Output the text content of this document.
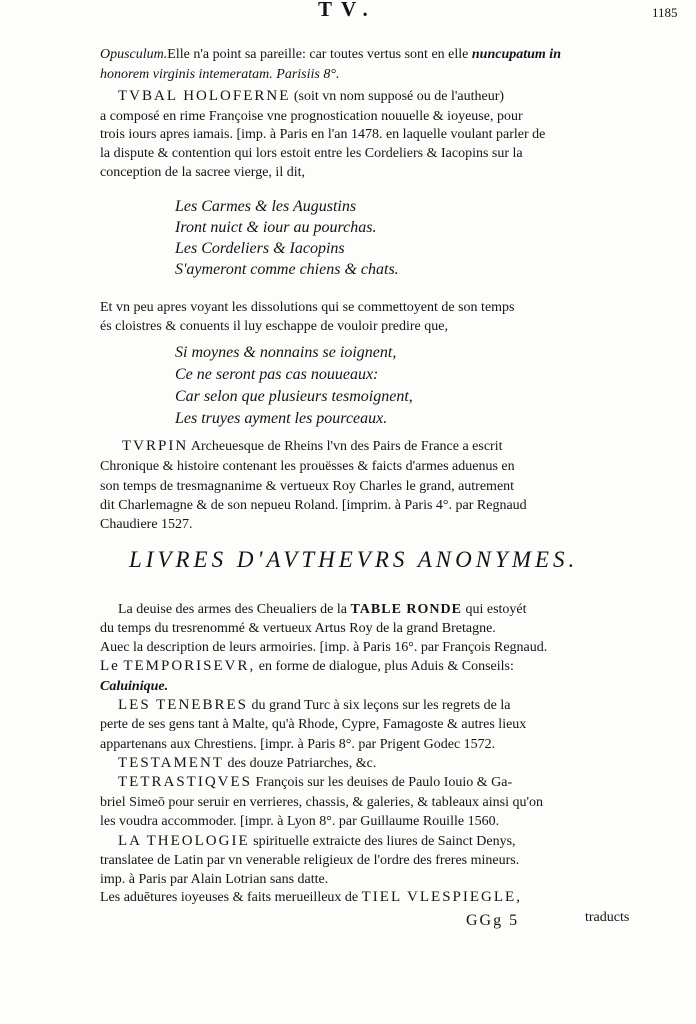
TV.	1185
Opusculum.Elle n'a point sa pareille: car toutes vertus sont en elle nuncupatum in
honorem virginis intemeratam. Parisiis 8°.
TVBAL HOLOFERNE (soit vn nom supposé ou de l'autheur)
a composé en rime Françoise vne prognostication nouuelle & ioyeuse, pour
trois iours apres iamais. [imp. à Paris en l'an 1478. en laquelle voulant parler de
la dispute & contention qui lors estoit entre les Cordeliers & Iacopins sur la
conception de la sacree vierge, il dit,
Les Carmes & les Augustins
Iront nuict & iour au pourchas.
Les Cordeliers & Iacopins
S'aymeront comme chiens & chats.
Et vn peu apres voyant les dissolutions qui se commettoyent de son temps
és cloistres & conuents il luy eschappe de vouloir predire que,
Si moynes & nonnains se ioignent,
Ce ne seront pas cas nouueaux:
Car selon que plusieurs tesmoignent,
Les truyes ayment les pourceaux.
TVRPIN Archeuesque de Rheins l'vn des Pairs de France a escrit
Chronique & histoire contenant les prouësses & faicts d'armes aduenus en
son temps de tresmagnanime & vertueux Roy Charles le grand, autrement
dit Charlemagne & de son nepueu Roland. [imprim. à Paris 4°. par Regnaud
Chaudiere 1527.
LIVRES D'AVTHEVRS ANONYMES.
La deuise des armes des Cheualiers de la TABLE RONDE qui estoyét
du temps du tresrenommé & vertueux Artus Roy de la grand Bretagne.
Auec la description de leurs armoiries. [imp. à Paris 16°. par François Regnaud.
Le TEMPORISEVR, en forme de dialogue, plus Aduis & Conseils:
Caluinique.
LES TENEBRES du grand Turc à six leçons sur les regrets de la
perte de ses gens tant à Malte, qu'à Rhode, Cypre, Famagoste & autres lieux
appartenans aux Chrestiens. [impr. à Paris 8°. par Prigent Godec 1572.
TESTAMENT des douze Patriarches, &c.
TETRASTIQVES François sur les deuises de Paulo Iouio & Ga-
briel Simeō pour seruir en verrieres, chassis, & galeries, & tableaux ainsi qu'on
les voudra accommoder. [impr. à Lyon 8°. par Guillaume Rouille 1560.
LA THEOLOGIE spirituelle extraicte des liures de Sainct Denys,
translatee de Latin par vn venerable religieux de l'ordre des freres mineurs.
imp. à Paris par Alain Lotrian sans datte.
Les aduētures ioyeuses & faits merueilleux de TIEL VLESPIEGLE,
GGg 5	traducts
